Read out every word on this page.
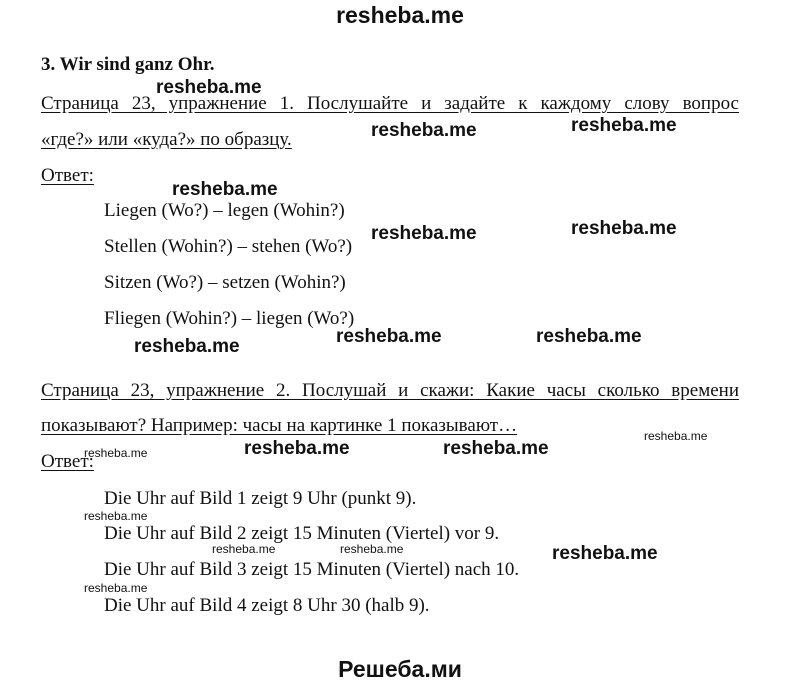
resheba.me
3. Wir sind ganz Ohr.
Страница 23, упражнение 1. Послушайте и задайте к каждому слову вопрос
«где?» или «куда?» по образцу.
Ответ:
Liegen (Wo?) – legen (Wohin?)
Stellen (Wohin?) – stehen (Wo?)
Sitzen (Wo?) – setzen (Wohin?)
Fliegen (Wohin?) – liegen (Wo?)
Страница 23, упражнение 2. Послушай и скажи: Какие часы сколько времени
показывают? Например: часы на картинке 1 показывают…
Ответ:
Die Uhr auf Bild 1 zeigt 9 Uhr (punkt 9).
Die Uhr auf Bild 2 zeigt 15 Minuten (Viertel) vor 9.
Die Uhr auf Bild 3 zeigt 15 Minuten (Viertel) nach 10.
Die Uhr auf Bild 4 zeigt 8 Uhr 30 (halb 9).
resheba.me
resheba.me	resheba.me
resheba.me
resheba.me	resheba.me
resheba.me	resheba.me	resheba.me
resheba.me
resheba.me	resheba.me	resheba.me
resheba.me
resheba.me	resheba.me	resheba.me
resheba.me
Решеба.ми
